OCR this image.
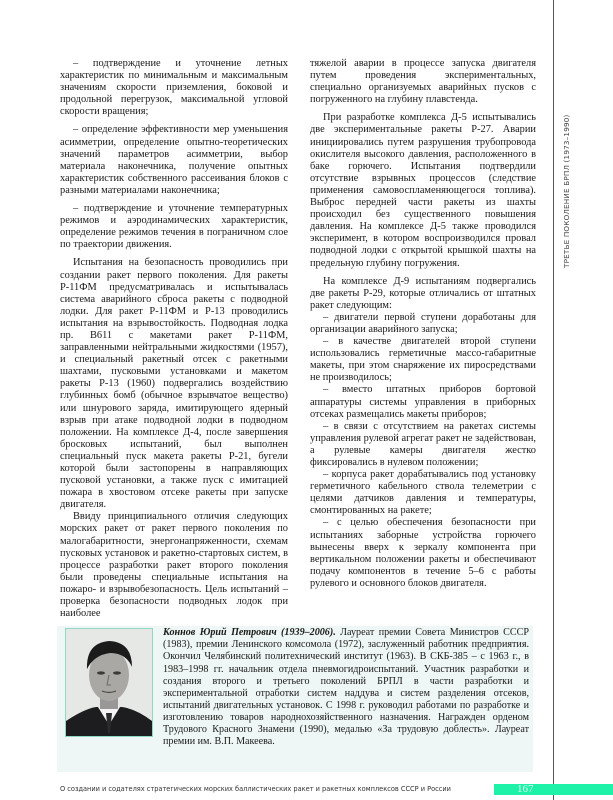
ТРЕТЬЕ ПОКОЛЕНИЕ БРПЛ (1973–1990)

– подтверждение и уточнение летных характеристик по минимальным и максимальным значениям скорости приземления, боковой и продольной перегрузок, максимальной угловой скорости вращения;

– определение эффективности мер уменьшения асимметрии, определение опытно-теоретических значений параметров асимметрии, выбор материала наконечника, получение опытных характеристик собственного рассеивания блоков с разными материалами наконечника;

– подтверждение и уточнение температурных режимов и аэродинамических характеристик, определение режимов течения в пограничном слое по траектории движения.

Испытания на безопасность проводились при создании ракет первого поколения. Для ракеты Р-11ФМ предусматривалась и испытывалась система аварийного сброса ракеты с подводной лодки. Для ракет Р-11ФМ и Р-13 проводились испытания на взрывостойкость. Подводная лодка пр. В611 с макетами ракет Р-11ФМ, заправленными нейтральными жидкостями (1957), и специальный ракетный отсек с ракетными шахтами, пусковыми установками и макетом ракеты Р-13 (1960) подвергались воздействию глубинных бомб (обычное взрывчатое вещество) или шнурового заряда, имитирующего ядерный взрыв при атаке подводной лодки в подводном положении. На комплексе Д-4, после завершения бросковых испытаний, был выполнен специальный пуск макета ракеты Р-21, бугели которой были застопорены в направляющих пусковой установки, а также пуск с имитацией пожара в хвостовом отсеке ракеты при запуске двигателя.

Ввиду принципиального отличия следующих морских ракет от ракет первого поколения по малогабаритности, энергонапряженности, схемам пусковых установок и ракетно-стартовых систем, в процессе разработки ракет второго поколения были проведены специальные испытания на пожаро- и взрывобезопасность. Цель испытаний – проверка безопасности подводных лодок при наиболее

тяжелой аварии в процессе запуска двигателя путем проведения экспериментальных, специально организуемых аварийных пусков с погруженного на глубину плавстенда.

При разработке комплекса Д-5 испытывались две экспериментальные ракеты Р-27. Аварии инициировались путем разрушения трубопровода окислителя высокого давления, расположенного в баке горючего. Испытания подтвердили отсутствие взрывных процессов (следствие применения самовоспламеняющегося топлива). Выброс передней части ракеты из шахты происходил без существенного повышения давления. На комплексе Д-5 также проводился эксперимент, в котором воспроизводился провал подводной лодки с открытой крышкой шахты на предельную глубину погружения.

На комплексе Д-9 испытаниям подвергались две ракеты Р-29, которые отличались от штатных ракет следующим:

– двигатели первой ступени доработаны для организации аварийного запуска;

– в качестве двигателей второй ступени использовались герметичные массо-габаритные макеты, при этом снаряжение их пиросредствами не производилось;

– вместо штатных приборов бортовой аппаратуры системы управления в приборных отсеках размещались макеты приборов;

– в связи с отсутствием на ракетах системы управления рулевой агрегат ракет не задействован, а рулевые камеры двигателя жестко фиксировались в нулевом положении;

– корпуса ракет дорабатывались под установку герметичного кабельного ствола телеметрии с целями датчиков давления и температуры, смонтированных на ракете;

– с целью обеспечения безопасности при испытаниях заборные устройства горючего вынесены вверх к зеркалу компонента при вертикальном положении ракеты и обеспечивают подачу компонентов в течение 5–6 с работы рулевого и основного блоков двигателя.

Коннов Юрий Петрович (1939–2006). Лауреат премии Совета Министров СССР (1983), премии Ленинского комсомола (1972), заслуженный работник предприятия. Окончил Челябинский политехнический институт (1963). В СКБ-385 – с 1963 г., в 1983–1998 гг. начальник отдела пневмогидроиспытаний. Участник разработки и создания второго и третьего поколений БРПЛ в части разработки и экспериментальной отработки систем наддува и систем разделения отсеков, испытаний двигательных установок. С 1998 г. руководил работами по разработке и изготовлению товаров народнохозяйственного назначения. Награжден орденом Трудового Красного Знамени (1990), медалью «За трудовую доблесть». Лауреат премии им. В.П. Макеева.
О создании и содателях стратегических морских баллистических ракет и ракетных комплексов СССР и России	167
